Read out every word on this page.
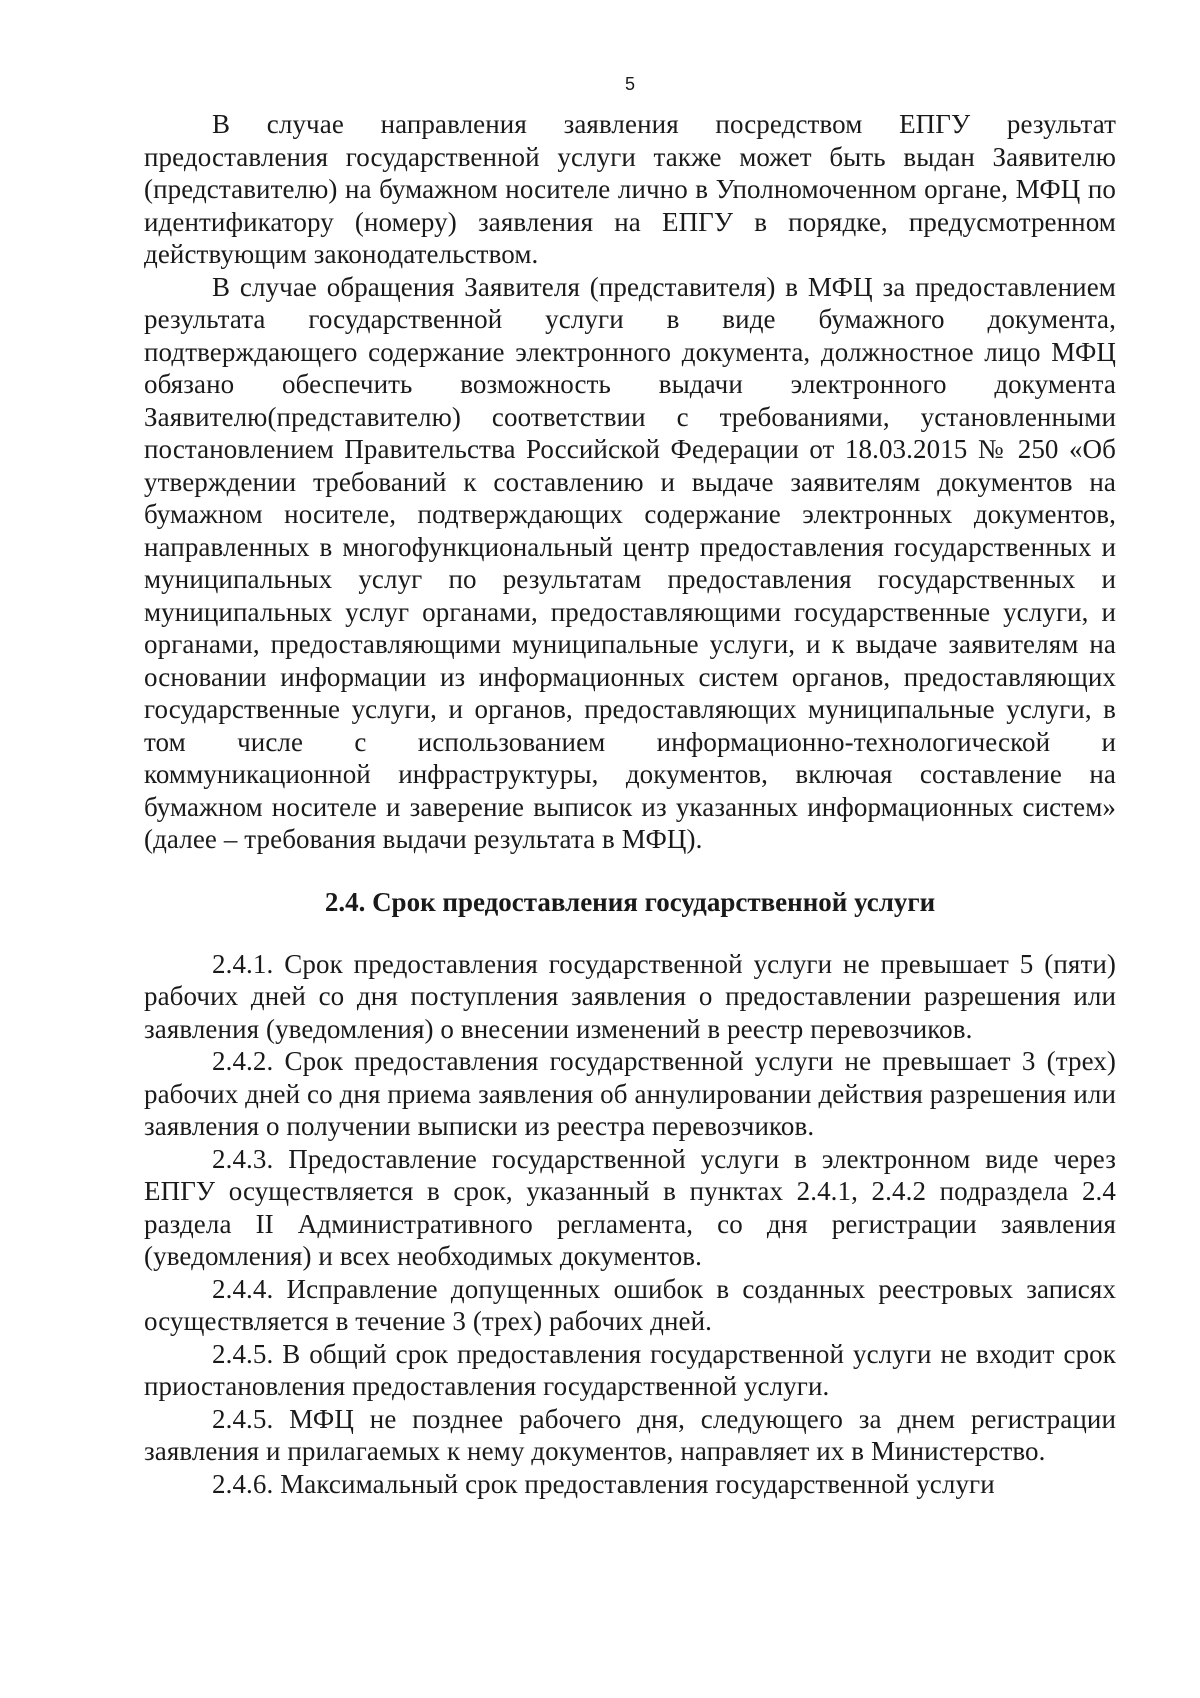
5

В случае направления заявления посредством ЕПГУ результат предоставления государственной услуги также может быть выдан Заявителю (представителю) на бумажном носителе лично в Уполномоченном органе, МФЦ по идентификатору (номеру) заявления на ЕПГУ в порядке, предусмотренном действующим законодательством.

В случае обращения Заявителя (представителя) в МФЦ за предоставлением результата государственной услуги в виде бумажного документа, подтверждающего содержание электронного документа, должностное лицо МФЦ обязано обеспечить возможность выдачи электронного документа Заявителю(представителю) соответствии с требованиями, установленными постановлением Правительства Российской Федерации от 18.03.2015 № 250 «Об утверждении требований к составлению и выдаче заявителям документов на бумажном носителе, подтверждающих содержание электронных документов, направленных в многофункциональный центр предоставления государственных и муниципальных услуг по результатам предоставления государственных и муниципальных услуг органами, предоставляющими государственные услуги, и органами, предоставляющими муниципальные услуги, и к выдаче заявителям на основании информации из информационных систем органов, предоставляющих государственные услуги, и органов, предоставляющих муниципальные услуги, в том числе с использованием информационно-технологической и коммуникационной инфраструктуры, документов, включая составление на бумажном носителе и заверение выписок из указанных информационных систем» (далее – требования выдачи результата в МФЦ).

2.4. Срок предоставления государственной услуги

2.4.1. Срок предоставления государственной услуги не превышает 5 (пяти) рабочих дней со дня поступления заявления о предоставлении разрешения или заявления (уведомления) о внесении изменений в реестр перевозчиков.

2.4.2. Срок предоставления государственной услуги не превышает 3 (трех) рабочих дней со дня приема заявления об аннулировании действия разрешения или заявления о получении выписки из реестра перевозчиков.

2.4.3. Предоставление государственной услуги в электронном виде через ЕПГУ осуществляется в срок, указанный в пунктах 2.4.1, 2.4.2 подраздела 2.4 раздела II Административного регламента, со дня регистрации заявления (уведомления) и всех необходимых документов.

2.4.4. Исправление допущенных ошибок в созданных реестровых записях осуществляется в течение 3 (трех) рабочих дней.

2.4.5. В общий срок предоставления государственной услуги не входит срок приостановления предоставления государственной услуги.

2.4.5. МФЦ не позднее рабочего дня, следующего за днем регистрации заявления и прилагаемых к нему документов, направляет их в Министерство.

2.4.6. Максимальный срок предоставления государственной услуги
